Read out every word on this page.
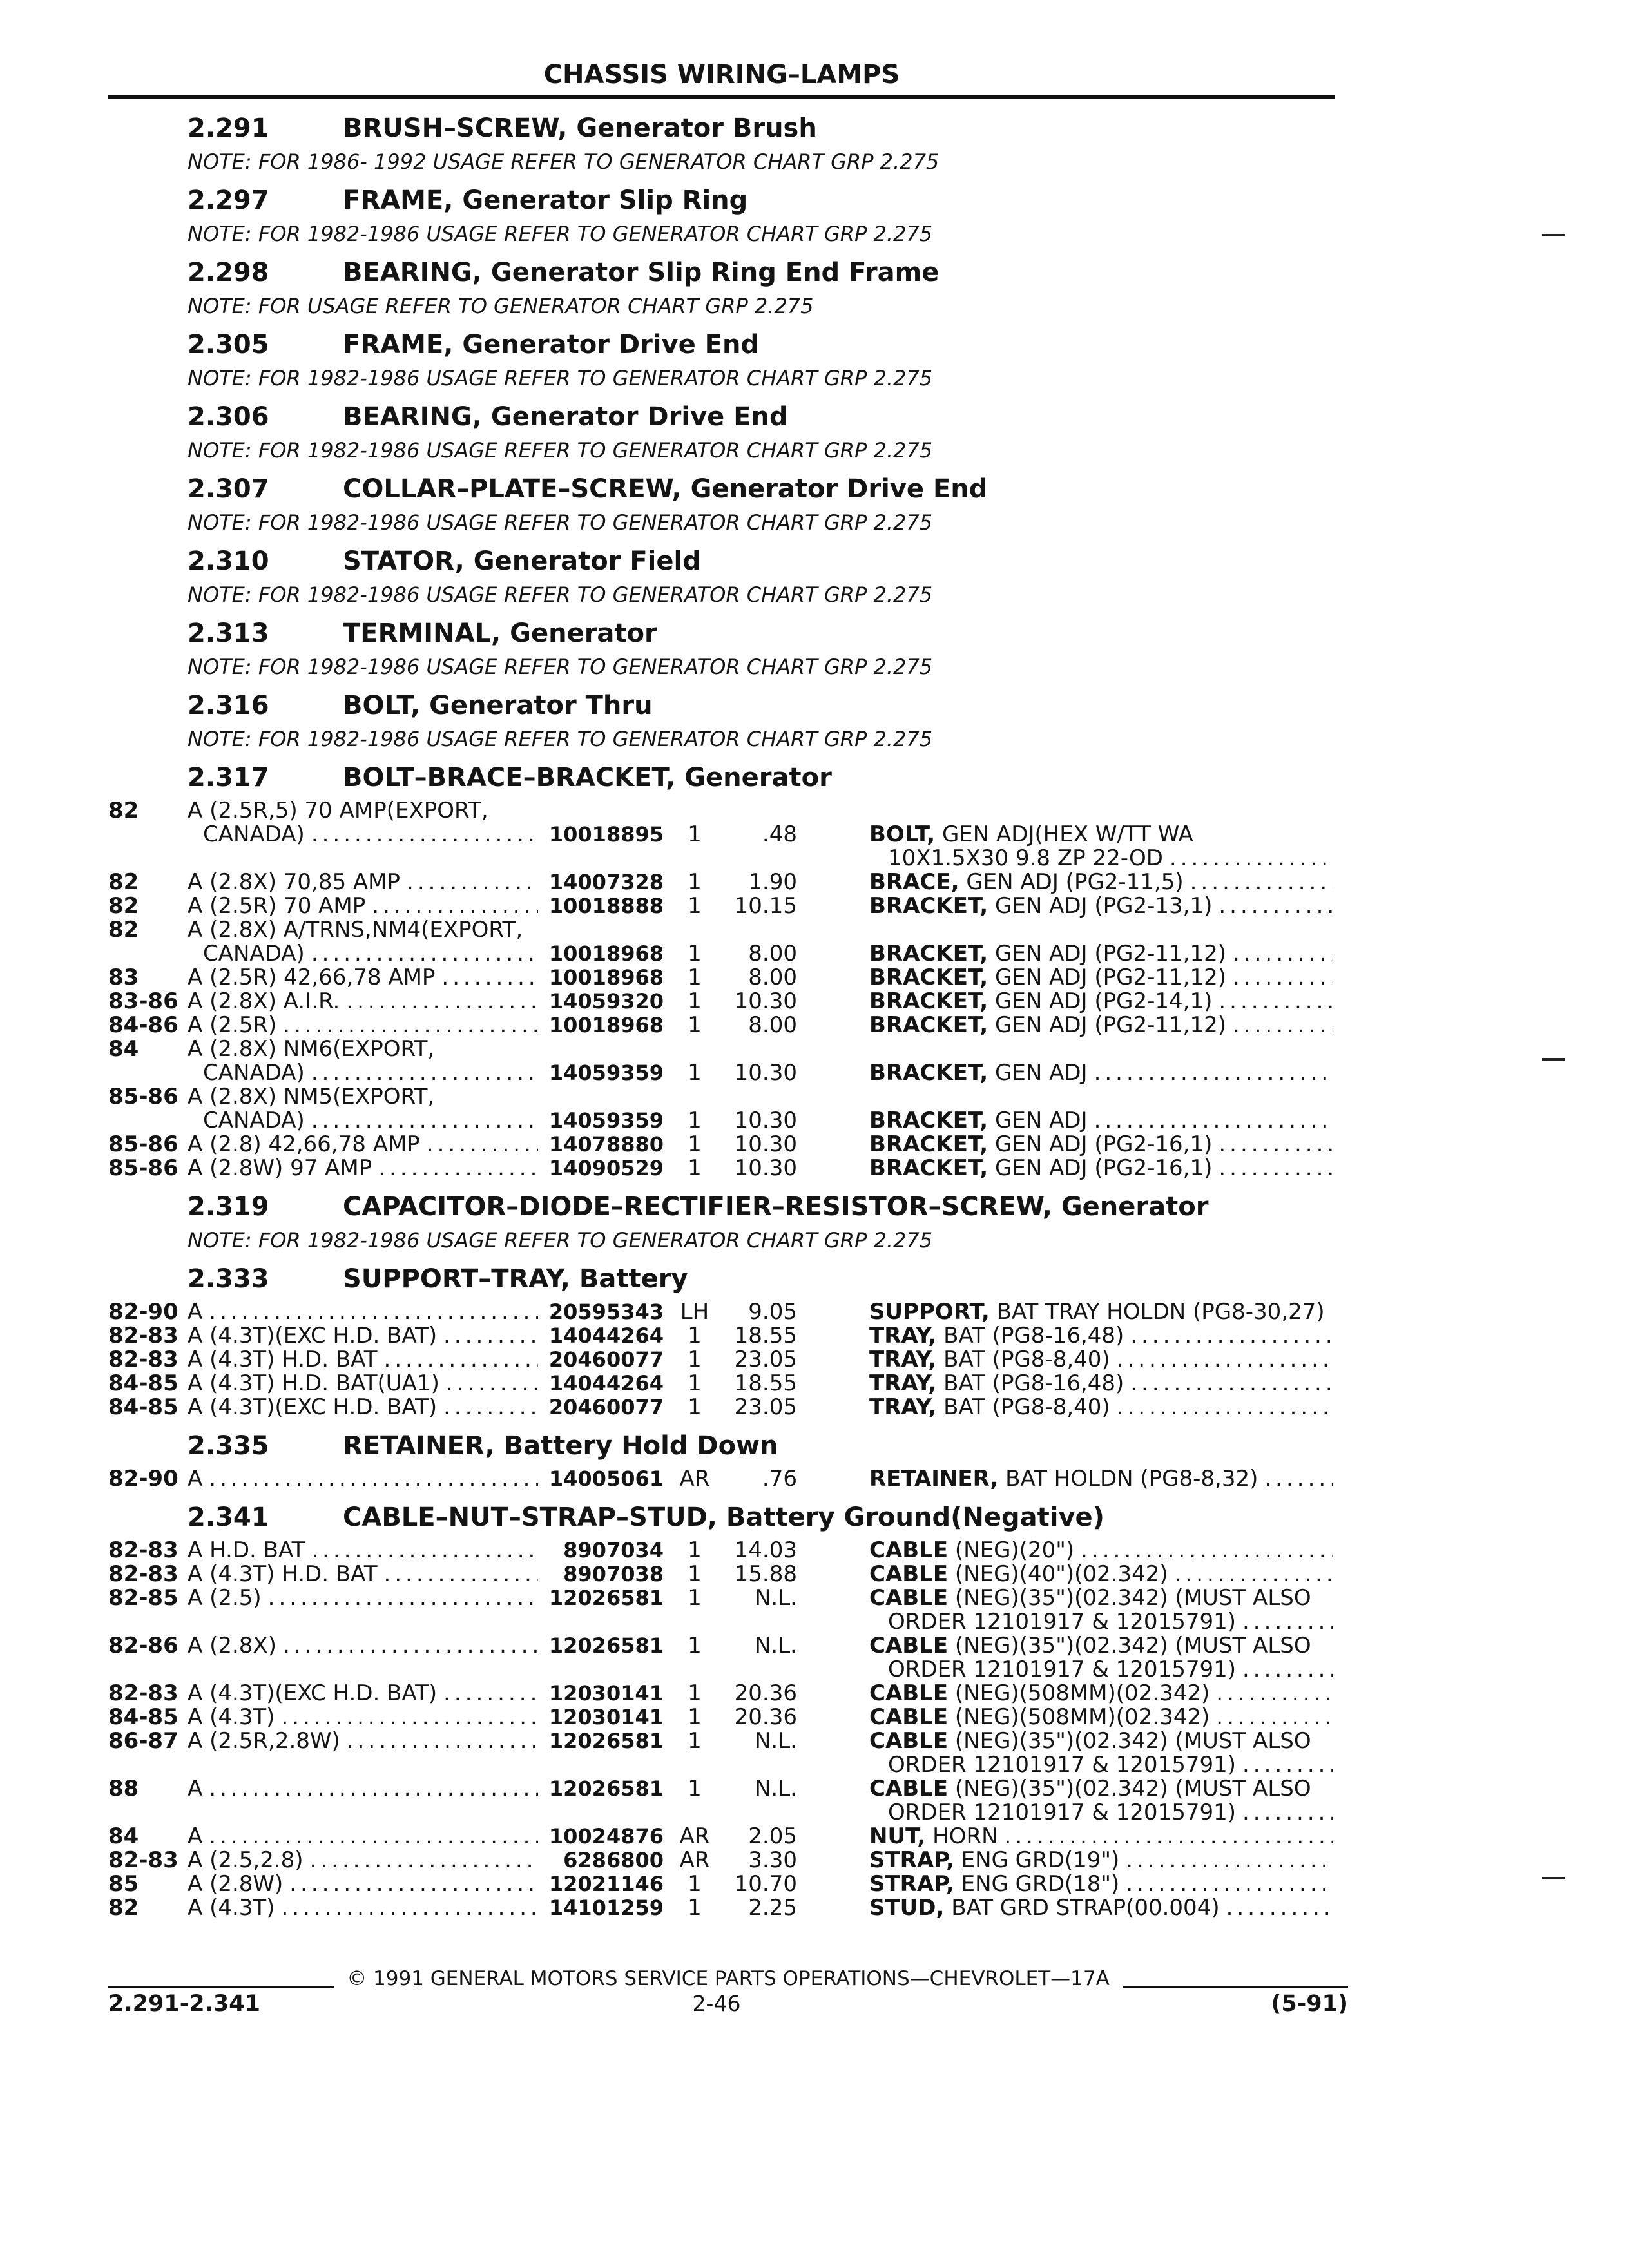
CHASSIS WIRING–LAMPS
2.291	BRUSH–SCREW, Generator Brush
NOTE: FOR 1986- 1992 USAGE REFER TO GENERATOR CHART GRP 2.275
2.297	FRAME, Generator Slip Ring
NOTE: FOR 1982-1986 USAGE REFER TO GENERATOR CHART GRP 2.275
2.298	BEARING, Generator Slip Ring End Frame
NOTE: FOR USAGE REFER TO GENERATOR CHART GRP 2.275
2.305	FRAME, Generator Drive End
NOTE: FOR 1982-1986 USAGE REFER TO GENERATOR CHART GRP 2.275
2.306	BEARING, Generator Drive End
NOTE: FOR 1982-1986 USAGE REFER TO GENERATOR CHART GRP 2.275
2.307	COLLAR–PLATE–SCREW, Generator Drive End
NOTE: FOR 1982-1986 USAGE REFER TO GENERATOR CHART GRP 2.275
2.310	STATOR, Generator Field
NOTE: FOR 1982-1986 USAGE REFER TO GENERATOR CHART GRP 2.275
2.313	TERMINAL, Generator
NOTE: FOR 1982-1986 USAGE REFER TO GENERATOR CHART GRP 2.275
2.316	BOLT, Generator Thru
NOTE: FOR 1982-1986 USAGE REFER TO GENERATOR CHART GRP 2.275
2.317	BOLT–BRACE–BRACKET, Generator
82	A (2.5R,5) 70 AMP(EXPORT,
CANADA) .....	10018895	1	.48	BOLT, GEN ADJ(HEX W/TT WA
10X1.5X30 9.8 ZP 22-OD
.....
82	A (2.8X) 70,85 AMP .....	14007328	1	1.90	BRACE, GEN ADJ (PG2-11,5)
.....
82	A (2.5R) 70 AMP .....	10018888	1	10.15	BRACKET, GEN ADJ (PG2-13,1)
.....
82	A (2.8X) A/TRNS,NM4(EXPORT,
CANADA) .....	10018968	1	8.00	BRACKET, GEN ADJ (PG2-11,12)
.....
83	A (2.5R) 42,66,78 AMP .....	10018968	1	8.00	BRACKET, GEN ADJ (PG2-11,12)
.....
83-86 A (2.8X) A.I.R. .....	14059320	1	10.30	BRACKET, GEN ADJ (PG2-14,1)
.....
84-86 A (2.5R) .....	10018968	1	8.00	BRACKET, GEN ADJ (PG2-11,12)
.....
84	A (2.8X) NM6(EXPORT,
CANADA) .....	14059359	1	10.30	BRACKET, GEN ADJ
.....
85-86 A (2.8X) NM5(EXPORT,
CANADA) .....	14059359	1	10.30	BRACKET, GEN ADJ
.....
85-86 A (2.8) 42,66,78 AMP .....	14078880	1	10.30	BRACKET, GEN ADJ (PG2-16,1)
.....
85-86 A (2.8W) 97 AMP .....	14090529	1	10.30	BRACKET, GEN ADJ (PG2-16,1)
.....
2.319	CAPACITOR–DIODE–RECTIFIER–RESISTOR–SCREW, Generator
NOTE: FOR 1982-1986 USAGE REFER TO GENERATOR CHART GRP 2.275
2.333	SUPPORT–TRAY, Battery
82-90 A .....	20595343 LH	9.05	SUPPORT, BAT TRAY HOLDN (PG8-30,27)
.....
82-83 A (4.3T)(EXC H.D. BAT) .....	14044264	1	18.55	TRAY, BAT (PG8-16,48)
.....
82-83 A (4.3T) H.D. BAT .....	20460077	1	23.05	TRAY, BAT (PG8-8,40)
.....
84-85 A (4.3T) H.D. BAT(UA1) .....	14044264	1	18.55	TRAY, BAT (PG8-16,48)
.....
84-85 A (4.3T)(EXC H.D. BAT) .....	20460077	1	23.05	TRAY, BAT (PG8-8,40)
.....
2.335	RETAINER, Battery Hold Down
82-90 A .....	14005061 AR	.76	RETAINER, BAT HOLDN (PG8-8,32)
.....
2.341	CABLE–NUT–STRAP–STUD, Battery Ground(Negative)
82-83 A H.D. BAT .....	8907034	1	14.03	CABLE (NEG)(20")
.....
82-83 A (4.3T) H.D. BAT .....	8907038	1	15.88	CABLE (NEG)(40")(02.342)
.....
82-85 A (2.5) .....	12026581	1	N.L.	CABLE (NEG)(35")(02.342) (MUST ALSO
ORDER 12101917 & 12015791)
.....
82-86 A (2.8X) .....	12026581	1	N.L.	CABLE (NEG)(35")(02.342) (MUST ALSO
ORDER 12101917 & 12015791)
.....
82-83 A (4.3T)(EXC H.D. BAT) .....	12030141	1	20.36	CABLE (NEG)(508MM)(02.342)
.....
84-85 A (4.3T) .....	12030141	1	20.36	CABLE (NEG)(508MM)(02.342)
.....
86-87 A (2.5R,2.8W) .....	12026581	1	N.L.	CABLE (NEG)(35")(02.342) (MUST ALSO
ORDER 12101917 & 12015791)
.....
88	A .....	12026581	1	N.L.	CABLE (NEG)(35")(02.342) (MUST ALSO
ORDER 12101917 & 12015791)
.....
84	A .....	10024876 AR	2.05	NUT, HORN
.....
82-83 A (2.5,2.8) .....	6286800 AR	3.30	STRAP, ENG GRD(19")
.....
85	A (2.8W) .....	12021146	1	10.70	STRAP, ENG GRD(18")
.....
82	A (4.3T) .....	14101259	1	2.25	STUD, BAT GRD STRAP(00.004)
.....
© 1991 GENERAL MOTORS SERVICE PARTS OPERATIONS—CHEVROLET—17A
2.291-2.341	2-46	(5-91)
